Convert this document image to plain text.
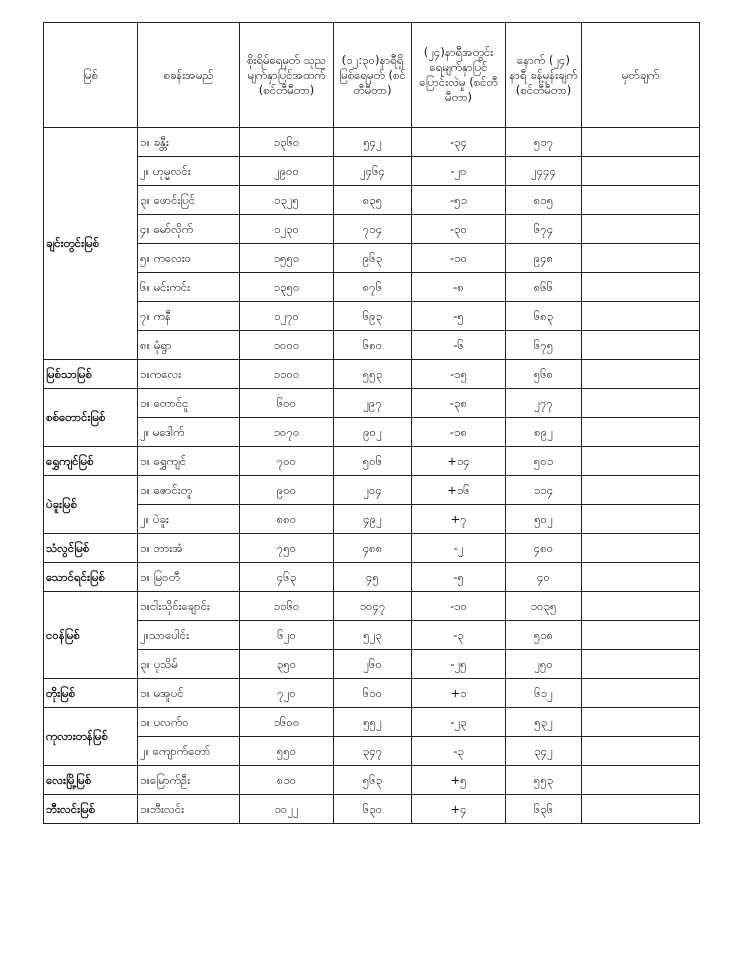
မြစ်	စခန်းအမည်	စိုးရိမ်ရေမှတ် သုညမျက်နှာပြင်အထက် (စင်တီမီတာ)	(၁၂:၃၀)နာရီရှိ မြစ်ရေမှတ် (စင်တီမီတာ)	(၂၄)နာရီအတွင်း ရေမျက်နှာပြင် ပြောင်းလဲမှု (စင်တီမီတာ)	နောက် (၂၄) နာရီ ခန့်မှန်းချက် (စင်တီမီတာ)	မှတ်ချက်
ချင်းတွင်းမြစ်	၁။ ခန္တီး	၁၃၆၀	၅၄၂	-၃၄	၅၁၇	
	၂။ ဟုမ္မလင်း	၂၉၀၀	၂၄၆၄	-၂၀	၂၄၄၄	
	၃။ ဖောင်းပြင်	၁၃၂၅	၈၃၅	-၅၁	၈၁၅	
	၄။ မော်လိုက်	၁၂၃၀	၇၁၄	-၃၀	၆၇၄	
	၅။ ကလေးဝ	၁၅၅၀	၉၆၃	-၁၀	၉၄၈	
	၆။ မင်းကင်း	၁၃၅၀	၈၇၆	-၈	၈၆၆	
	၇။ ကနီ	၁၂၇၀	၆၉၃	-၅	၆၈၃	
	၈။ မုံရွာ	၁၀၀၀	၆၈၀	-၆	၆၇၅	
မြစ်သာမြစ်	၁။ကလေး	၁၁၀၀	၅၅၃	-၁၅	၅၆၈	
စစ်တောင်းမြစ်	၁။ တောင်ငူ	၆၀၀	၂၉၇	-၃၈	၂၇၇	
	၂။ မဒေါက်	၁၀၇၀	၉၀၂	-၁၈	၈၉၂	
ရွှေကျင်မြစ်	၁။ ရွှေကျင်	၇၀၀	၅၀၆	+၁၄	၅၀၁	
ပဲခူးမြစ်	၁။ ဇောင်းတူ	၉၀၀	၂၀၄	+၁၆	၁၁၄	
	၂။ ပဲခူး	၈၈၀	၄၉၂	+၇	၅၀၂	
သံလွင်မြစ်	၁။ ဘားအံ	၇၅၀	၄၈၈	-၂	၄၈၀	
သောင်ရင်းမြစ်	၁။ မြဝတီ	၄၆၃	၄၅	-၅	၄၀	
ငဝန်မြစ်	၁။ငါးသိုင်းချောင်း	၁၁၆၀	၁၀၄၇	-၁၀	၁၀၃၅	
	၂။သာပေါင်း	၆၂၀	၅၂၃	-၃	၅၁၈	
	၃။ ပုသိမ်	၃၅၀	၂၆၀	-၂၅	၂၅၀	
တိုးမြစ်	၁။ မအူပင်	၇၂၀	၆၁၀	+၁	၆၁၂	
ကုလားတန်မြစ်	၁။ ပလက်ဝ	၁၆၀၀	၅၅၂	-၂၃	၅၃၂	
	၂။ ကျောက်တော်	၅၅၀	၃၄၇	-၃	၃၄၂	
လေးမြို့မြစ်	၁။မြောက်ဦး	၈၁၀	၅၆၃	+၅	၅၅၃	
ဘီးလင်းမြစ်	၁။ဘီးလင်း	၁၀၂၂	၆၃၀	+၄	၆၃၆	
